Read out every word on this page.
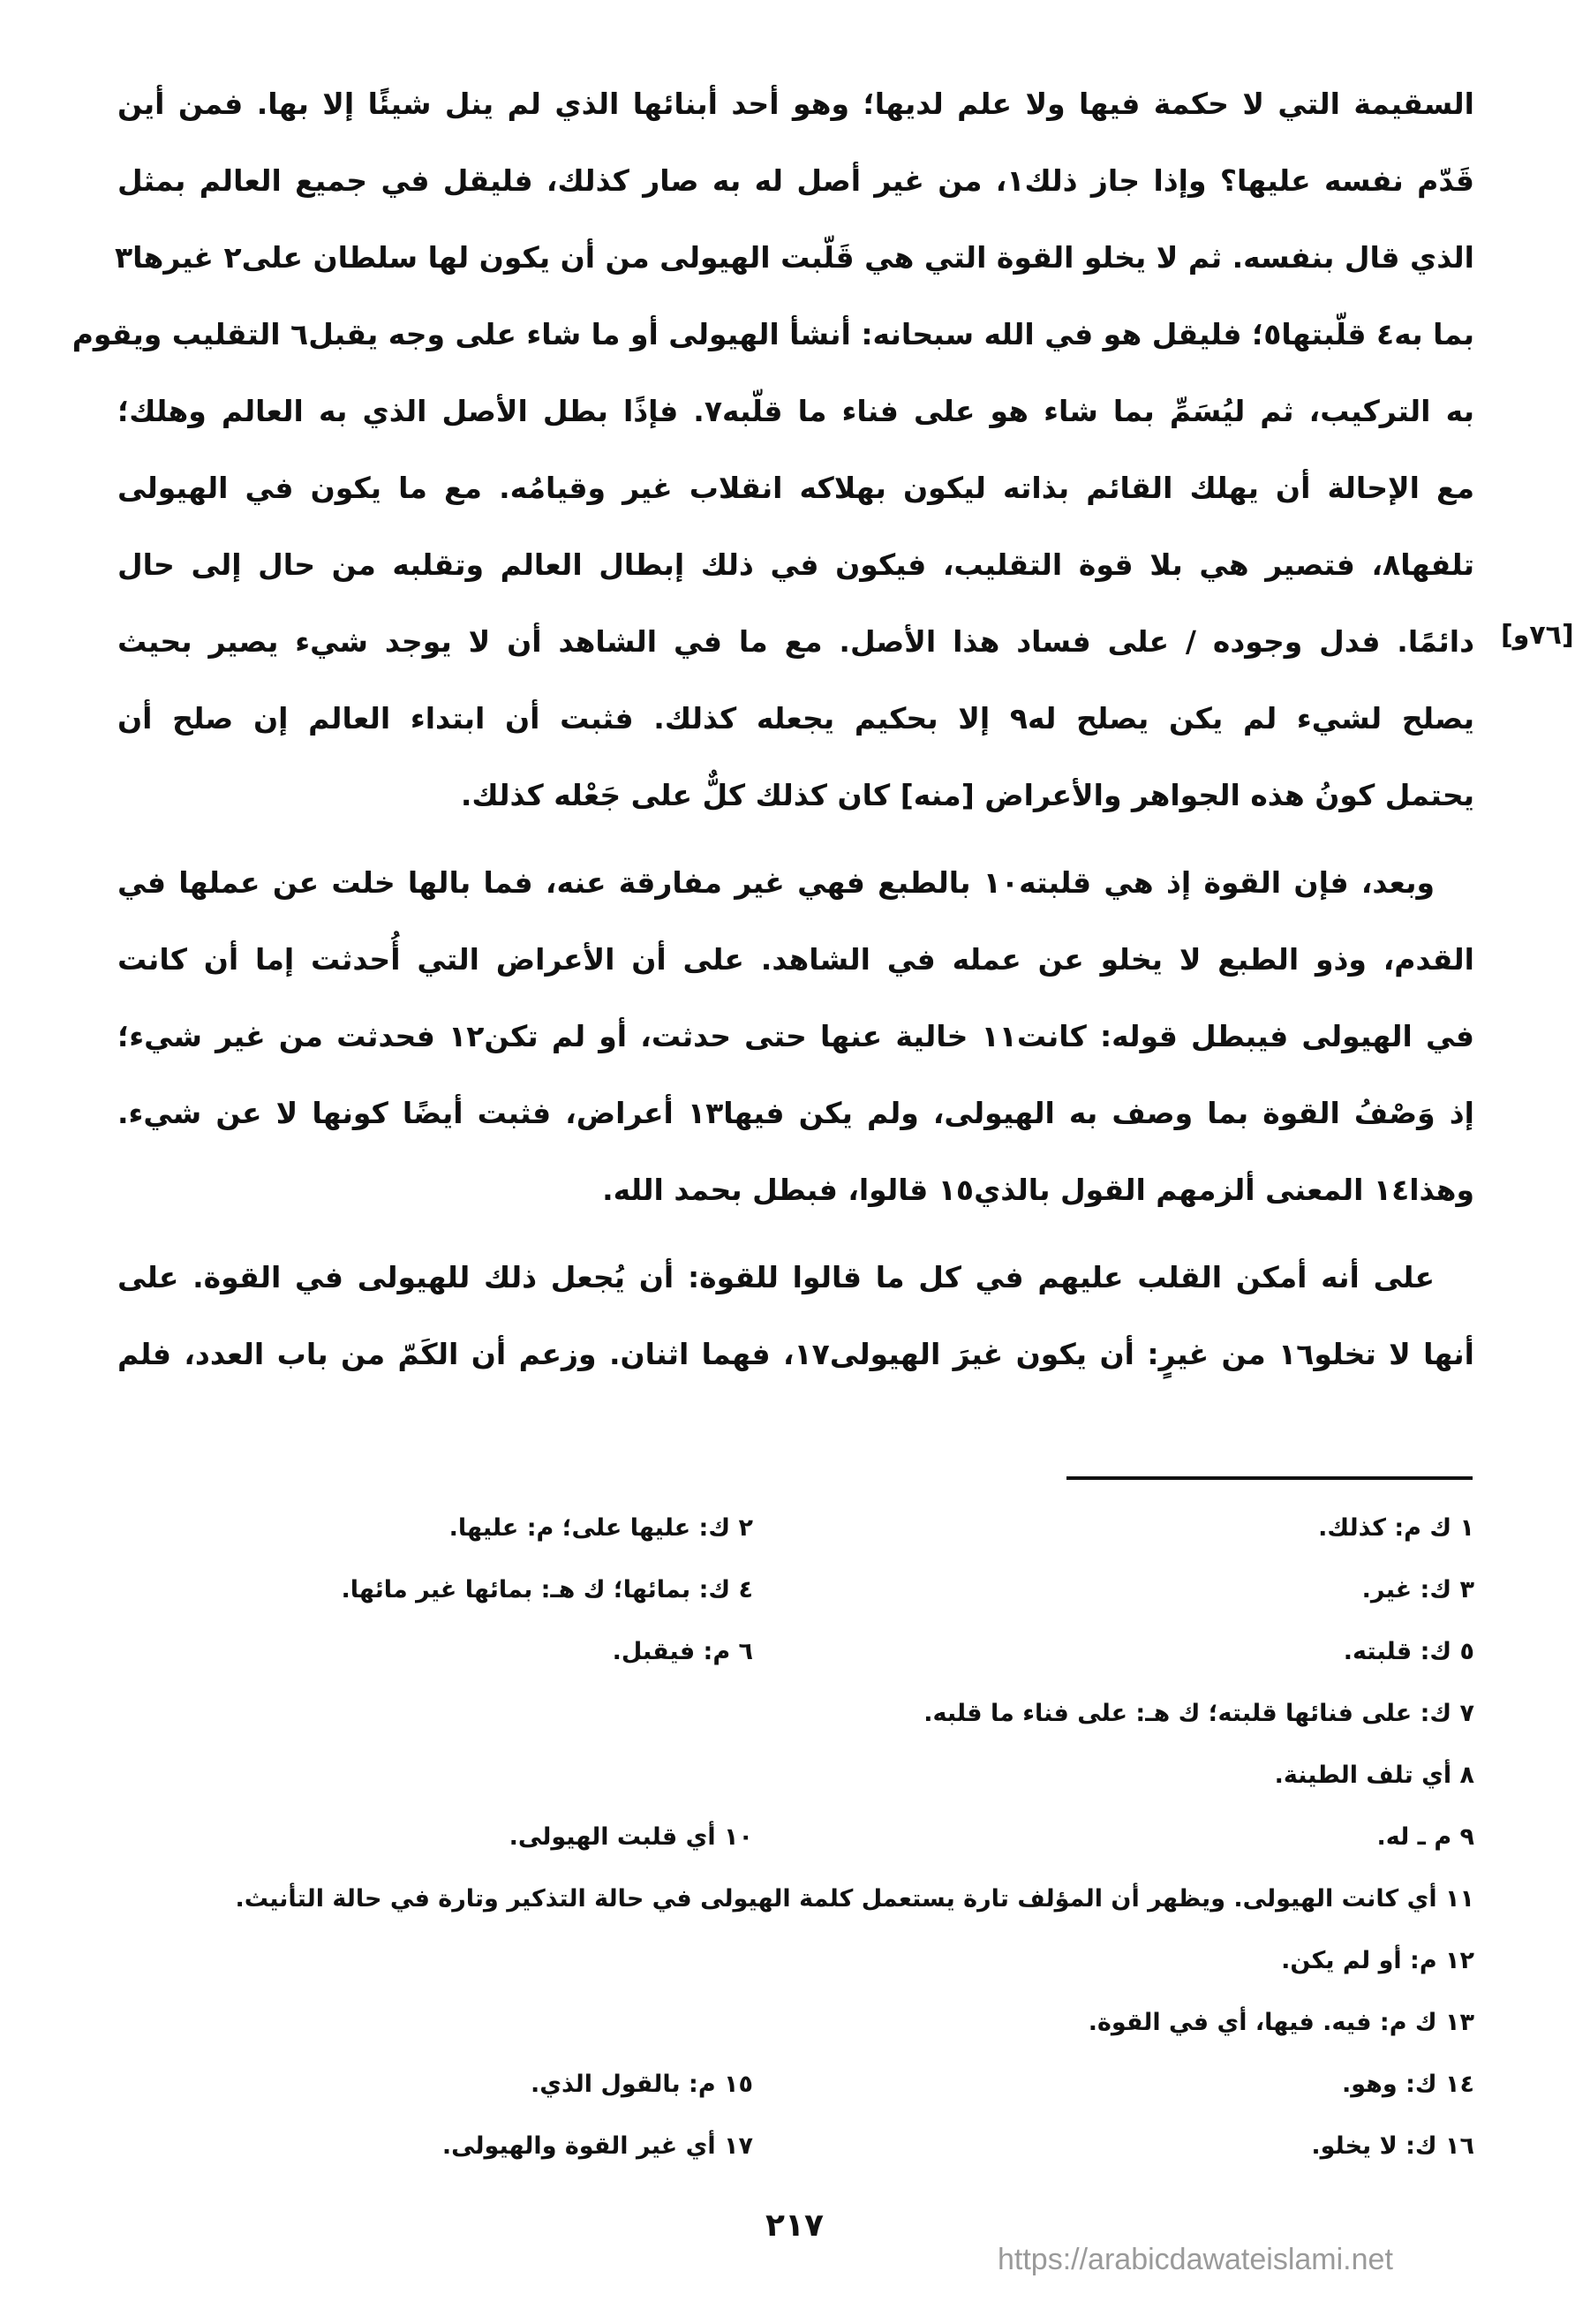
السقيمة التي لا حكمة فيها ولا علم لديها؛ وهو أحد أبنائها الذي لم ينل شيئًا إلا بها. فمن أين
قَدّم نفسه عليها؟ وإذا جاز ذلك١، من غير أصل له به صار كذلك، فليقل في جميع العالم بمثل
الذي قال بنفسه. ثم لا يخلو القوة التي هي قَلّبت الهيولى من أن يكون لها سلطان على٢ غيرها٣
بما به٤ قلّبتها٥؛ فليقل هو في الله سبحانه: أنشأ الهيولى أو ما شاء على وجه يقبل٦ التقليب ويقوم
به التركيب، ثم ليُسَمِّ بما شاء هو على فناء ما قلّبه٧. فإذًا بطل الأصل الذي به العالم وهلك؛
مع الإحالة أن يهلك القائم بذاته ليكون بهلاكه انقلاب غير وقيامُه. مع ما يكون في الهيولى
تلفها٨، فتصير هي بلا قوة التقليب، فيكون في ذلك إبطال العالم وتقلبه من حال إلى حال
دائمًا. فدل وجوده / على فساد هذا الأصل. مع ما في الشاهد أن لا يوجد شيء يصير بحيث
يصلح لشيء لم يكن يصلح له٩ إلا بحكيم يجعله كذلك. فثبت أن ابتداء العالم إن صلح أن
يحتمل كونُ هذه الجواهر والأعراض [منه] كان كذلك كلٌّ على جَعْله كذلك.
وبعد، فإن القوة إذ هي قلبته١٠ بالطبع فهي غير مفارقة عنه، فما بالها خلت عن عملها في
القدم، وذو الطبع لا يخلو عن عمله في الشاهد. على أن الأعراض التي أُحدثت إما أن كانت
في الهيولى فيبطل قوله: كانت١١ خالية عنها حتى حدثت، أو لم تكن١٢ فحدثت من غير شيء؛
إذ وَصْفُ القوة بما وصف به الهيولى، ولم يكن فيها١٣ أعراض، فثبت أيضًا كونها لا عن شيء.
وهذا١٤ المعنى ألزمهم القول بالذي١٥ قالوا، فبطل بحمد الله.
على أنه أمكن القلب عليهم في كل ما قالوا للقوة: أن يُجعل ذلك للهيولى في القوة. على
أنها لا تخلو١٦ من غيرٍ: أن يكون غيرَ الهيولى١٧، فهما اثنان. وزعم أن الكَمّ من باب العدد، فلم
[٧٦و]
١ ك م: كذلك.
٢ ك: عليها على؛ م: عليها.
٣ ك: غير.
٤ ك: بمائها؛ ك هـ: بمائها غير مائها.
٥ ك: قلبته.
٦ م: فيقبل.
٧ ك: على فنائها قلبته؛ ك هـ: على فناء ما قلبه.
٨ أي تلف الطينة.
٩ م ـ له.
١٠ أي قلبت الهيولى.
١١ أي كانت الهيولى. ويظهر أن المؤلف تارة يستعمل كلمة الهيولى في حالة التذكير وتارة في حالة التأنيث.
١٢ م: أو لم يكن.
١٣ ك م: فيه. فيها، أي في القوة.
١٤ ك: وهو.
١٥ م: بالقول الذي.
١٦ ك: لا يخلو.
١٧ أي غير القوة والهيولى.
٢١٧
https://arabicdawateislami.net
